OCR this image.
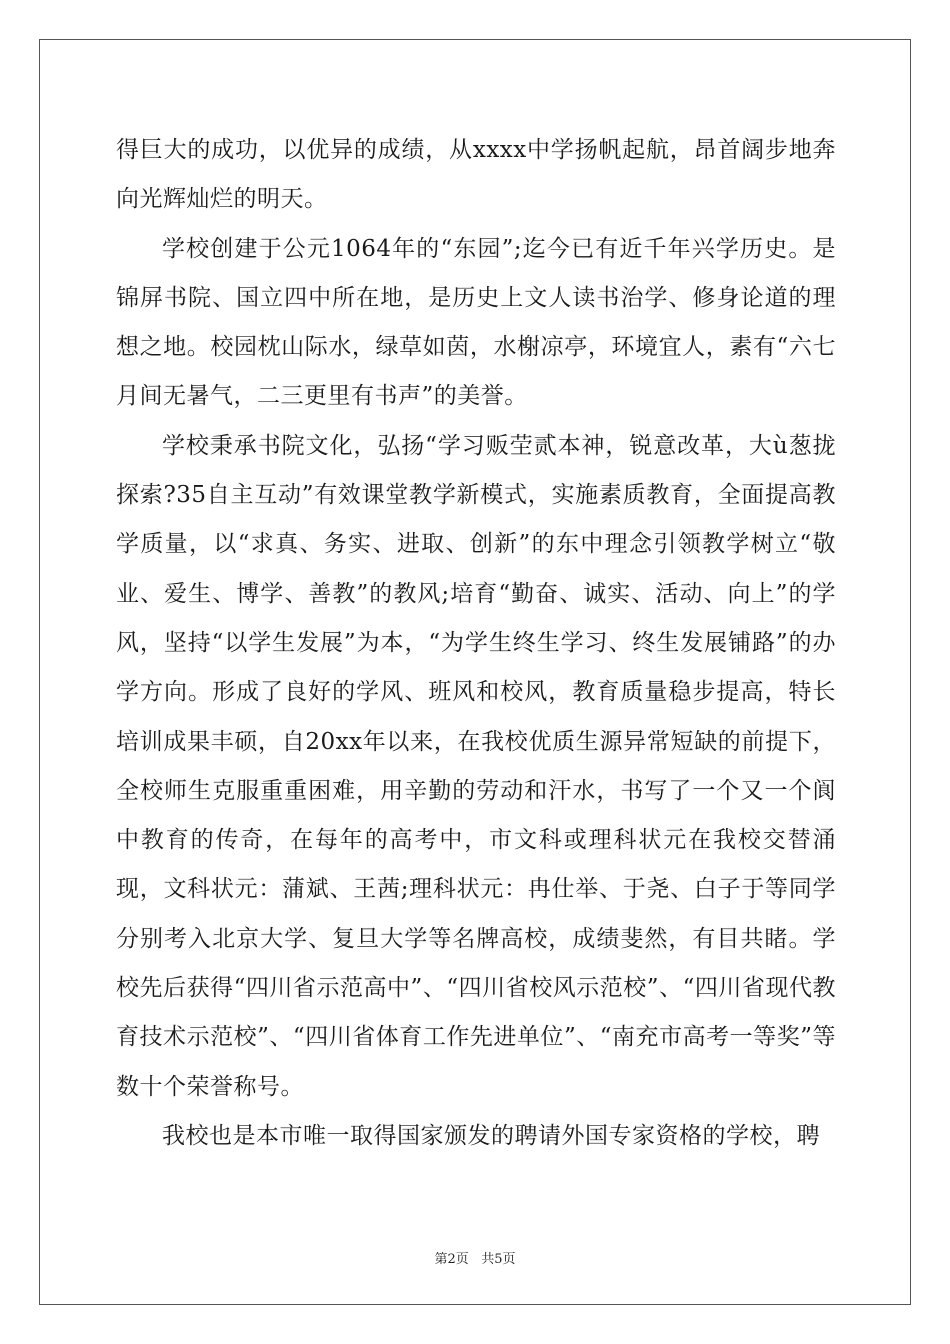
得巨大的成功，以优异的成绩，从xxxx中学扬帆起航，昂首阔步地奔向光辉灿烂的明天。

学校创建于公元1064年的“东园”;迄今已有近千年兴学历史。是锦屏书院、国立四中所在地，是历史上文人读书治学、修身论道的理想之地。校园枕山际水，绿草如茵，水榭凉亭，环境宜人，素有“六七月间无暑气，二三更里有书声”的美誉。

学校秉承书院文化，弘扬“学习贩茔贰本神，锐意改革，大ù葱拢探索?35自主互动”有效课堂教学新模式，实施素质教育，全面提高教学质量，以“求真、务实、进取、创新”的东中理念引领教学树立“敬业、爱生、博学、善教”的教风;培育“勤奋、诚实、活动、向上”的学风，坚持“以学生发展”为本，“为学生终生学习、终生发展铺路”的办学方向。形成了良好的学风、班风和校风，教育质量稳步提高，特长培训成果丰硕，自20xx年以来，在我校优质生源异常短缺的前提下，全校师生克服重重困难，用辛勤的劳动和汗水，书写了一个又一个阆中教育的传奇，在每年的高考中，市文科或理科状元在我校交替涌现，文科状元：蒲斌、王茜;理科状元：冉仕举、于尧、白子于等同学分别考入北京大学、复旦大学等名牌高校，成绩斐然，有目共睹。学校先后获得“四川省示范高中”、“四川省校风示范校”、“四川省现代教育技术示范校”、“四川省体育工作先进单位”、“南充市高考一等奖”等数十个荣誉称号。

我校也是本市唯一取得国家颁发的聘请外国专家资格的学校，聘

第2页 共5页
